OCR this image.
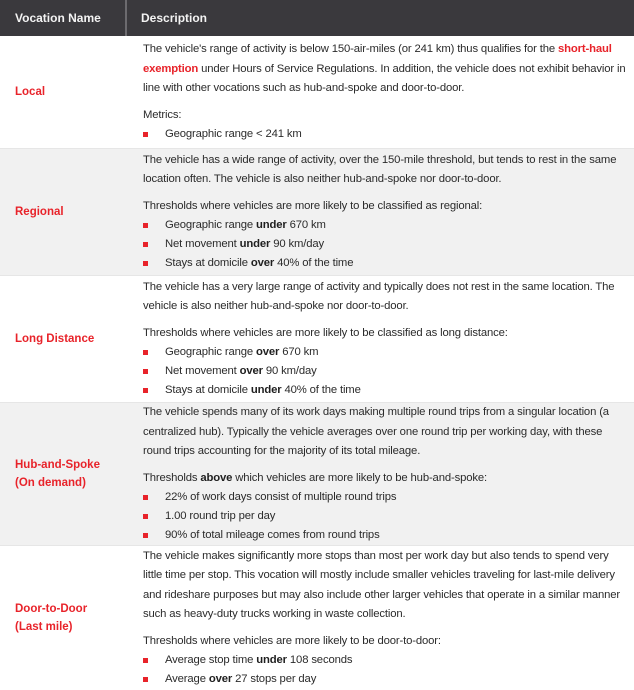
Vocation Name	Description
Local

The vehicle's range of activity is below 150-air-miles (or 241 km) thus qualifies for the short-haul exemption under Hours of Service Regulations. In addition, the vehicle does not exhibit behavior in line with other vocations such as hub-and-spoke and door-to-door.

Metrics:

Geographic range < 241 km
Regional

The vehicle has a wide range of activity, over the 150-mile threshold, but tends to rest in the same location often. The vehicle is also neither hub-and-spoke nor door-to-door.

Thresholds where vehicles are more likely to be classified as regional:

Geographic range under 670 km
Net movement under 90 km/day
Stays at domicile over 40% of the time
Long Distance

The vehicle has a very large range of activity and typically does not rest in the same location. The vehicle is also neither hub-and-spoke nor door-to-door.

Thresholds where vehicles are more likely to be classified as long distance:

Geographic range over 670 km
Net movement over 90 km/day
Stays at domicile under 40% of the time
Hub-and-Spoke
(On demand)

The vehicle spends many of its work days making multiple round trips from a singular location (a centralized hub). Typically the vehicle averages over one round trip per working day, with these round trips accounting for the majority of its total mileage.

Thresholds above which vehicles are more likely to be hub-and-spoke:

22% of work days consist of multiple round trips
1.00 round trip per day
90% of total mileage comes from round trips
Door-to-Door
(Last mile)

The vehicle makes significantly more stops than most per work day but also tends to spend very little time per stop. This vocation will mostly include smaller vehicles traveling for last-mile delivery and rideshare purposes but may also include other larger vehicles that operate in a similar manner such as heavy-duty trucks working in waste collection.

Thresholds where vehicles are more likely to be door-to-door:

Average stop time under 108 seconds
Average over 27 stops per day
